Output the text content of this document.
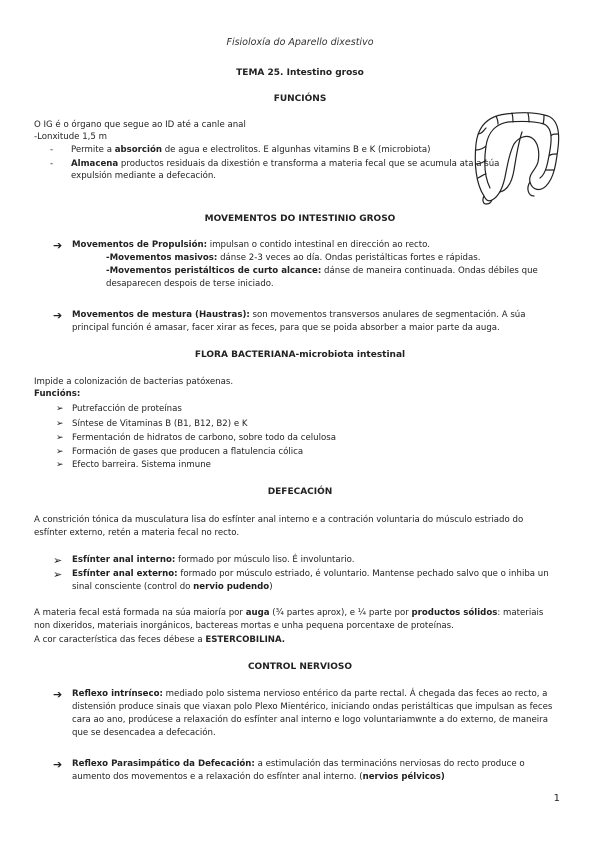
Fisioloxía do Aparello dixestivo
TEMA 25. Intestino groso
FUNCIÓNS
O IG é o órgano que segue ao ID até a canle anal
-Lonxitude 1,5 m
-	Permite a absorción de agua e electrolitos. E algunhas vitamins B e K (microbiota)
-	Almacena productos residuais da dixestión e transforma a materia fecal que se acumula ata a súa expulsión mediante a defecación.
MOVEMENTOS DO INTESTINIO GROSO
➔	Movementos de Propulsión: impulsan o contido intestinal en dirección ao recto.
-Movementos masivos: dánse 2-3 veces ao día. Ondas peristálticas fortes e rápidas.
-Movementos peristálticos de curto alcance: dánse de maneira continuada. Ondas débiles que desaparecen despois de terse iniciado.
➔	Movementos de mestura (Haustras): son movementos transversos anulares de segmentación. A súa principal función é amasar, facer xirar as feces, para que se poida absorber a maior parte da auga.
FLORA BACTERIANA-microbiota intestinal
Impide a colonización de bacterias patóxenas.
Funcións:
➢ Putrefacción de proteínas
➢ Síntese de Vitaminas B (B1, B12, B2) e K
➢ Fermentación de hidratos de carbono, sobre todo da celulosa
➢ Formación de gases que producen a flatulencia cólica
➢ Efecto barreira. Sistema inmune
DEFECACIÓN
A constrición tónica da musculatura lisa do esfínter anal interno e a contración voluntaria do músculo estriado do esfínter externo, retén a materia fecal no recto.
➢	Esfínter anal interno: formado por músculo liso. É involuntario.
➢	Esfínter anal externo: formado por músculo estriado, é voluntario. Mantense pechado salvo que o inhiba un sinal consciente (control do nervio pudendo)
A materia fecal está formada na súa maioría por auga (¾ partes aprox), e ¼ parte por productos sólidos: materiais non dixeridos, materiais inorgánicos, bactereas mortas e unha pequena porcentaxe de proteínas.
A cor característica das feces débese a ESTERCOBILINA.
CONTROL NERVIOSO
➔	Reflexo intrínseco: mediado polo sistema nervioso entérico da parte rectal. Á chegada das feces ao recto, a distensión produce sinais que viaxan polo Plexo Mientérico, iniciando ondas peristálticas que impulsan as feces cara ao ano, prodúcese a relaxación do esfínter anal interno e logo voluntariamwnte a do externo, de maneira que se desencadea a defecación.
➔	Reflexo Parasimpático da Defecación: a estimulación das terminacións nerviosas do recto produce o aumento dos movementos e a relaxación do esfínter anal interno. (nervios pélvicos)
1
